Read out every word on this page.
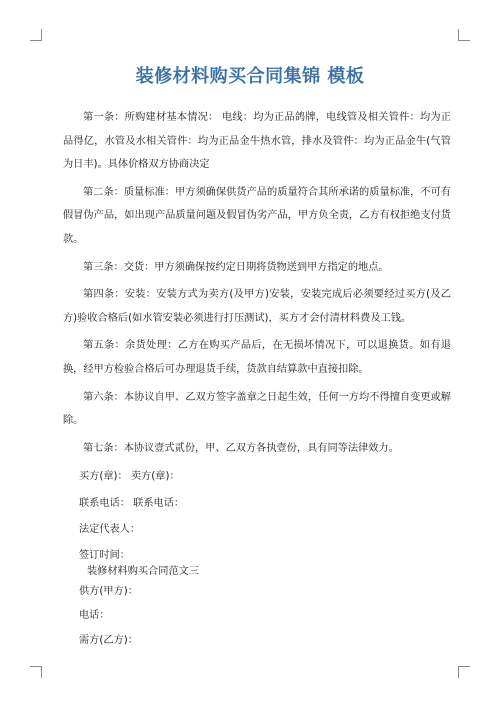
装修材料购买合同集锦 模板

第一条：所购建材基本情况： 电线：均为正品鸽牌，电线管及相关管件：均为正品得亿，水管及水相关管件：均为正品金牛热水管，排水及管件：均为正品金牛(气管为日丰)。具体价格双方协商决定

第二条：质量标准：甲方须确保供货产品的质量符合其所承诺的质量标准，不可有假冒伪产品，如出现产品质量问题及假冒伪劣产品，甲方负全责，乙方有权拒绝支付货款。

第三条：交货：甲方须确保按约定日期将货物送到甲方指定的地点。

第四条：安装：安装方式为卖方(及甲方)安装，安装完成后必须要经过买方(及乙方)验收合格后(如水管安装必须进行打压测试)，买方才会付清材料费及工钱。

第五条：余货处理：乙方在购买产品后，在无损坏情况下，可以退换货。如有退换，经甲方检验合格后可办理退货手续，货款自结算款中直接扣除。

第六条：本协议自甲、乙双方签字盖章之日起生效，任何一方均不得擅自变更或解除。

第七条：本协议壹式贰份，甲、乙双方各执壹份，具有同等法律效力。

买方(章)： 卖方(章)：
联系电话： 联系电话：
法定代表人：
签订时间：
装修材料购买合同范文三
供方(甲方)：
电话：
需方(乙方)：
